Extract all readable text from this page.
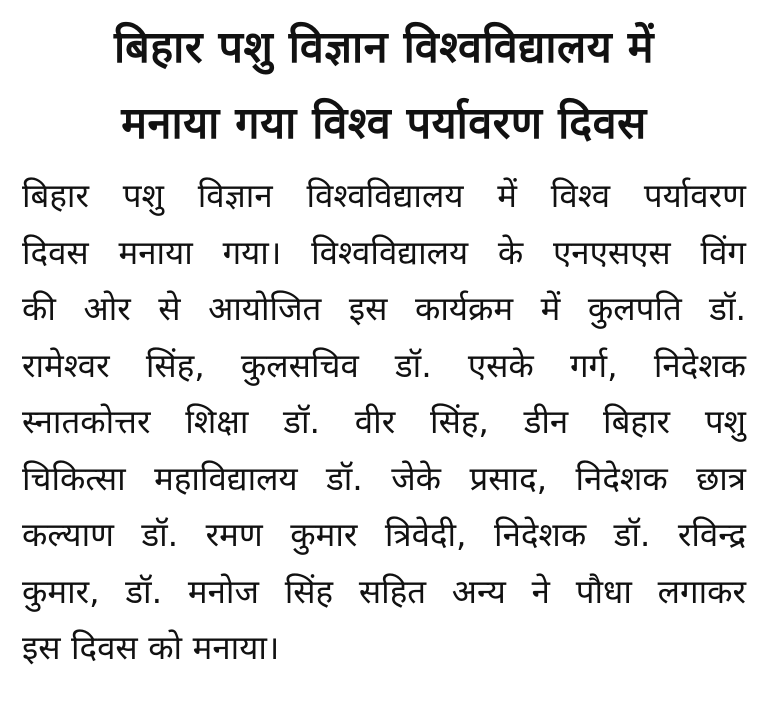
बिहार पशु विज्ञान विश्वविद्यालय में
मनाया गया विश्व पर्यावरण दिवस
बिहार पशु विज्ञान विश्वविद्यालय में विश्व पर्यावरण
दिवस मनाया गया। विश्वविद्यालय के एनएसएस विंग
की ओर से आयोजित इस कार्यक्रम में कुलपति डॉ.
रामेश्वर सिंह, कुलसचिव डॉ. एसके गर्ग, निदेशक
स्नातकोत्तर शिक्षा डॉ. वीर सिंह, डीन बिहार पशु
चिकित्सा महाविद्यालय डॉ. जेके प्रसाद, निदेशक छात्र
कल्याण डॉ. रमण कुमार त्रिवेदी, निदेशक डॉ. रविन्द्र
कुमार, डॉ. मनोज सिंह सहित अन्य ने पौधा लगाकर
इस दिवस को मनाया।
